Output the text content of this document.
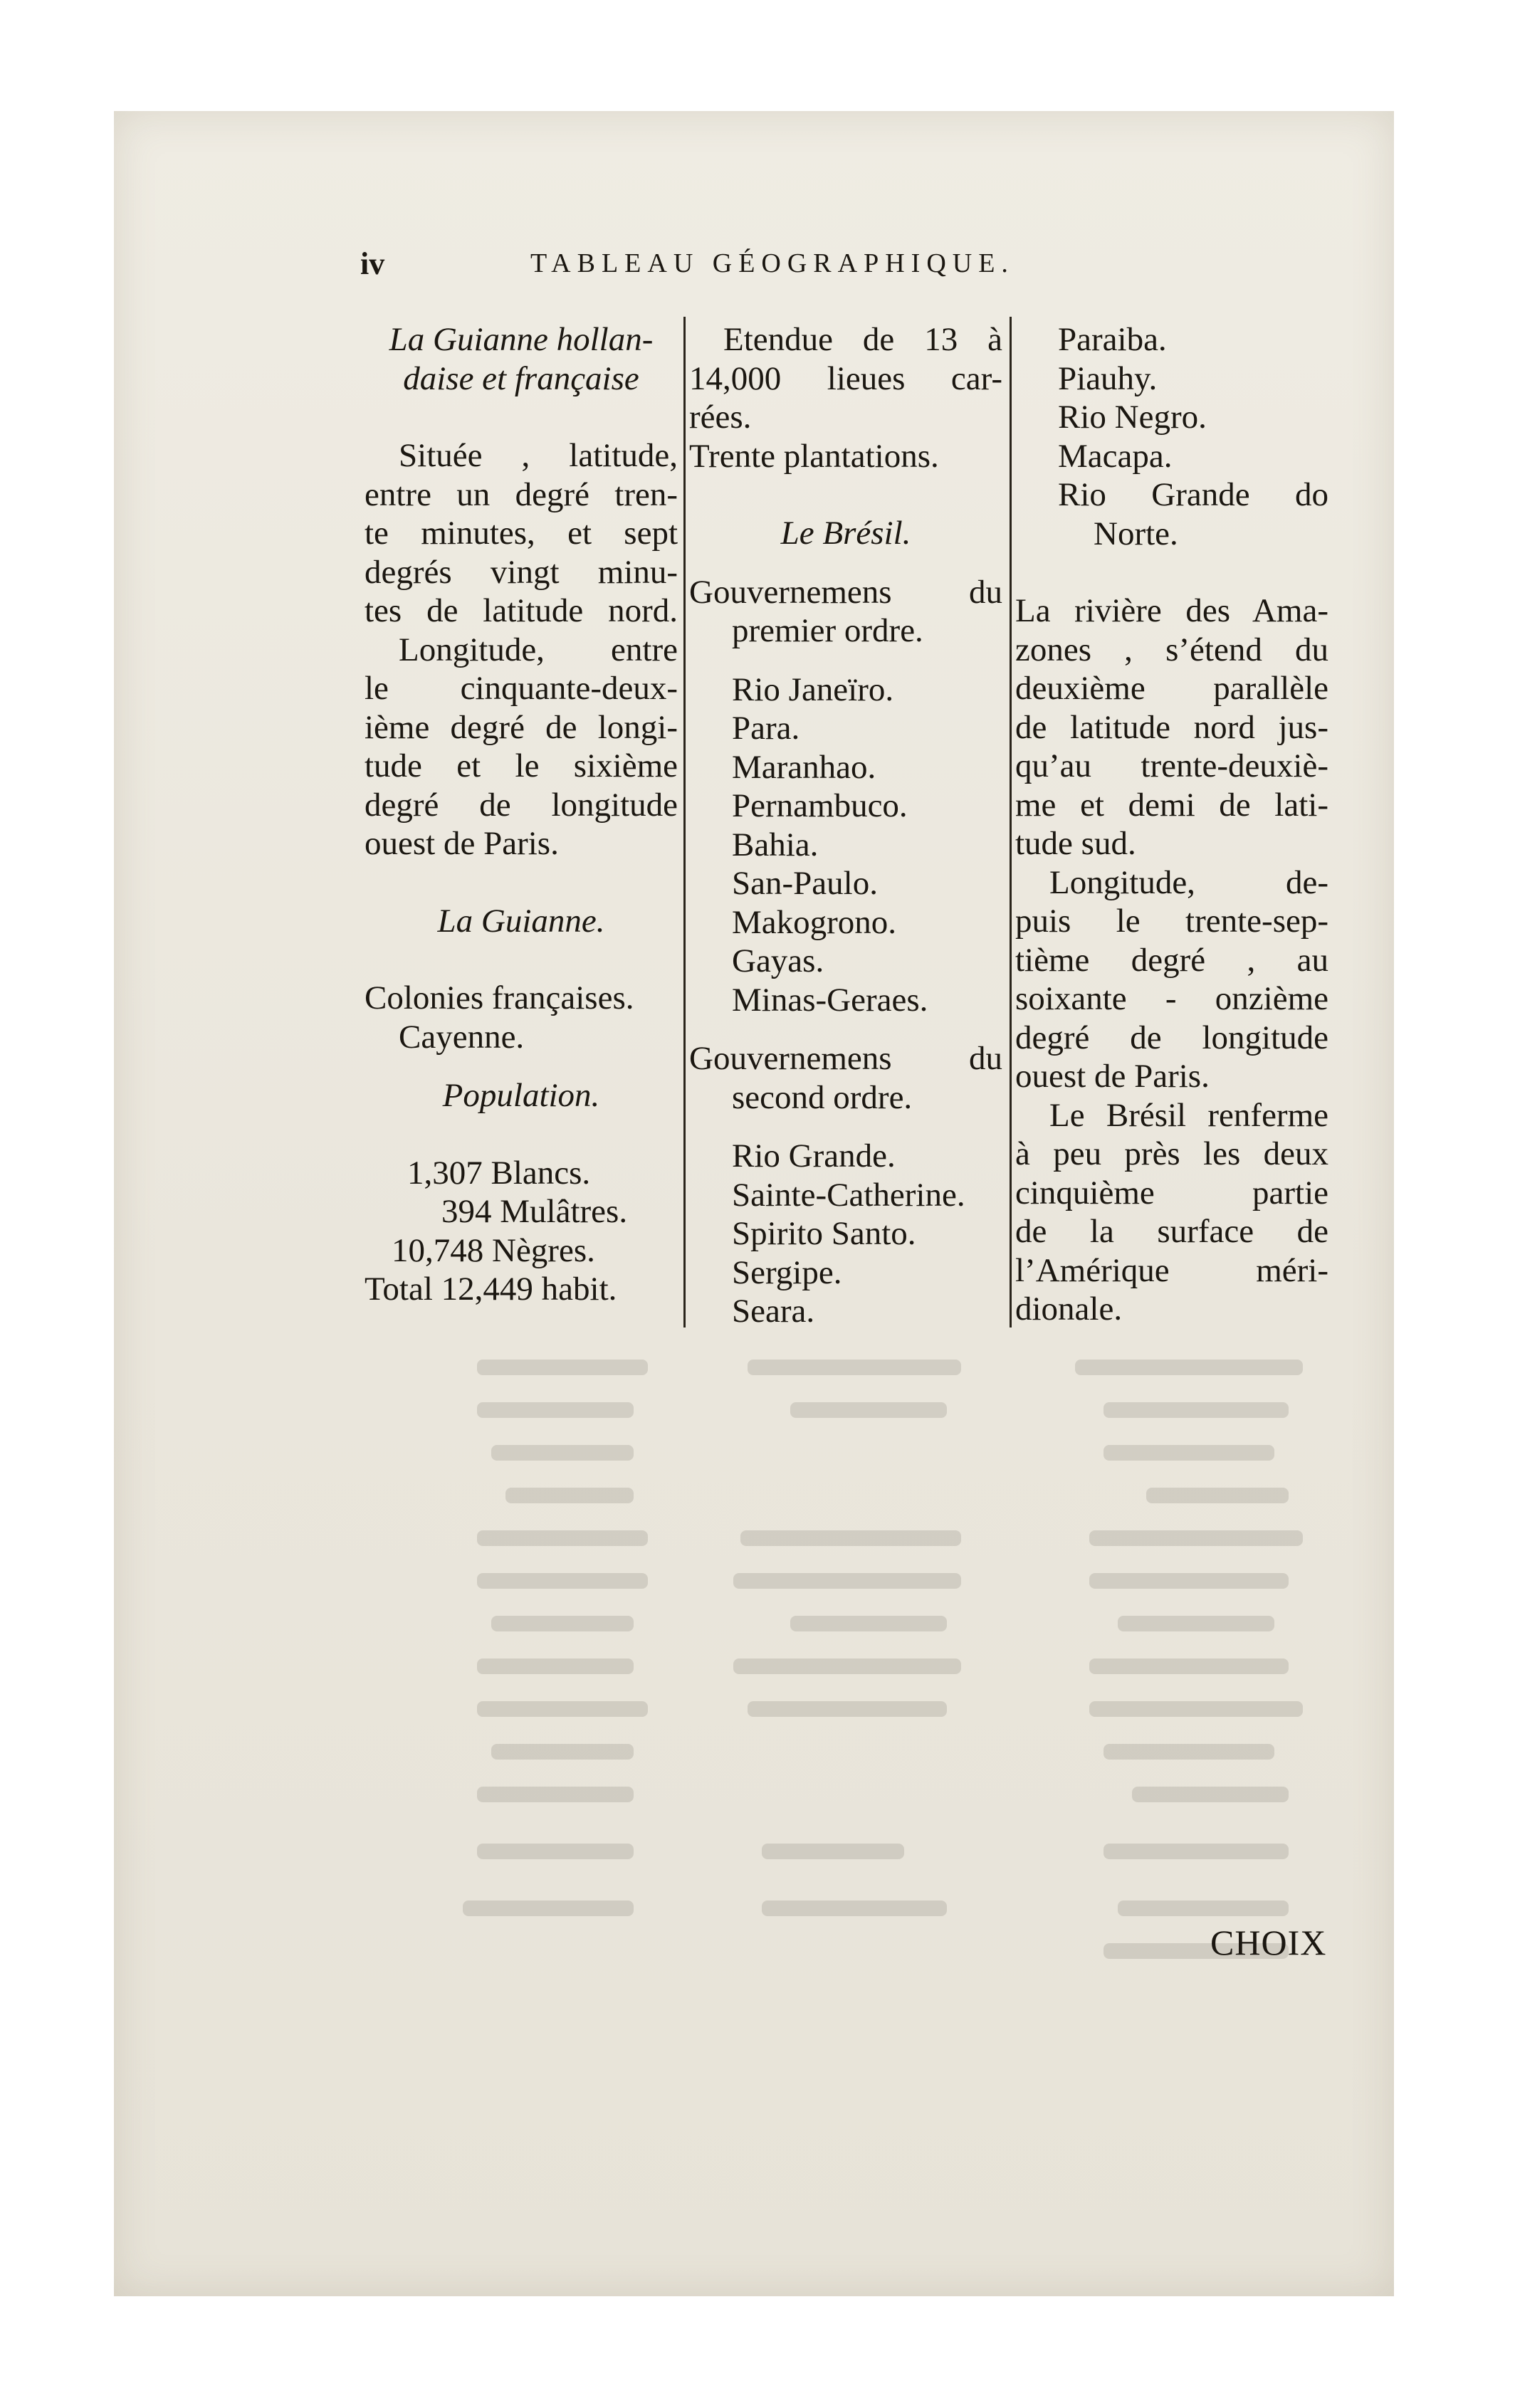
iv	TABLEAU GÉOGRAPHIQUE.
La Guianne hollan-
daise et française
Située , latitude,
entre un degré tren-
te minutes, et sept
degrés vingt minu-
tes de latitude nord.
Longitude, entre
le cinquante-deux-
ième degré de longi-
tude et le sixième
degré de longitude
ouest de Paris.
La Guianne.
Colonies françaises.
Cayenne.
Population.
1,307 Blancs.
394 Mulâtres.
10,748 Nègres.
Total 12,449 habit.
Etendue de 13 à
14,000 lieues car-
rées.
Trente plantations.
Le Brésil.
Gouvernemens du
premier ordre.
Rio Janeïro.
Para.
Maranhao.
Pernambuco.
Bahia.
San-Paulo.
Makogrono.
Gayas.
Minas-Geraes.
Gouvernemens du
second ordre.
Rio Grande.
Sainte-Catherine.
Spirito Santo.
Sergipe.
Seara.
Paraiba.
Piauhy.
Rio Negro.
Macapa.
Rio Grande do
Norte.
La rivière des Ama-
zones , s’étend du
deuxième parallèle
de latitude nord jus-
qu’au trente-deuxiè-
me et demi de lati-
tude sud.
Longitude, de-
puis le trente-sep-
tième degré , au
soixante - onzième
degré de longitude
ouest de Paris.
Le Brésil renferme
à peu près les deux
cinquième partie
de la surface de
l’Amérique méri-
dionale.
CHOIX
